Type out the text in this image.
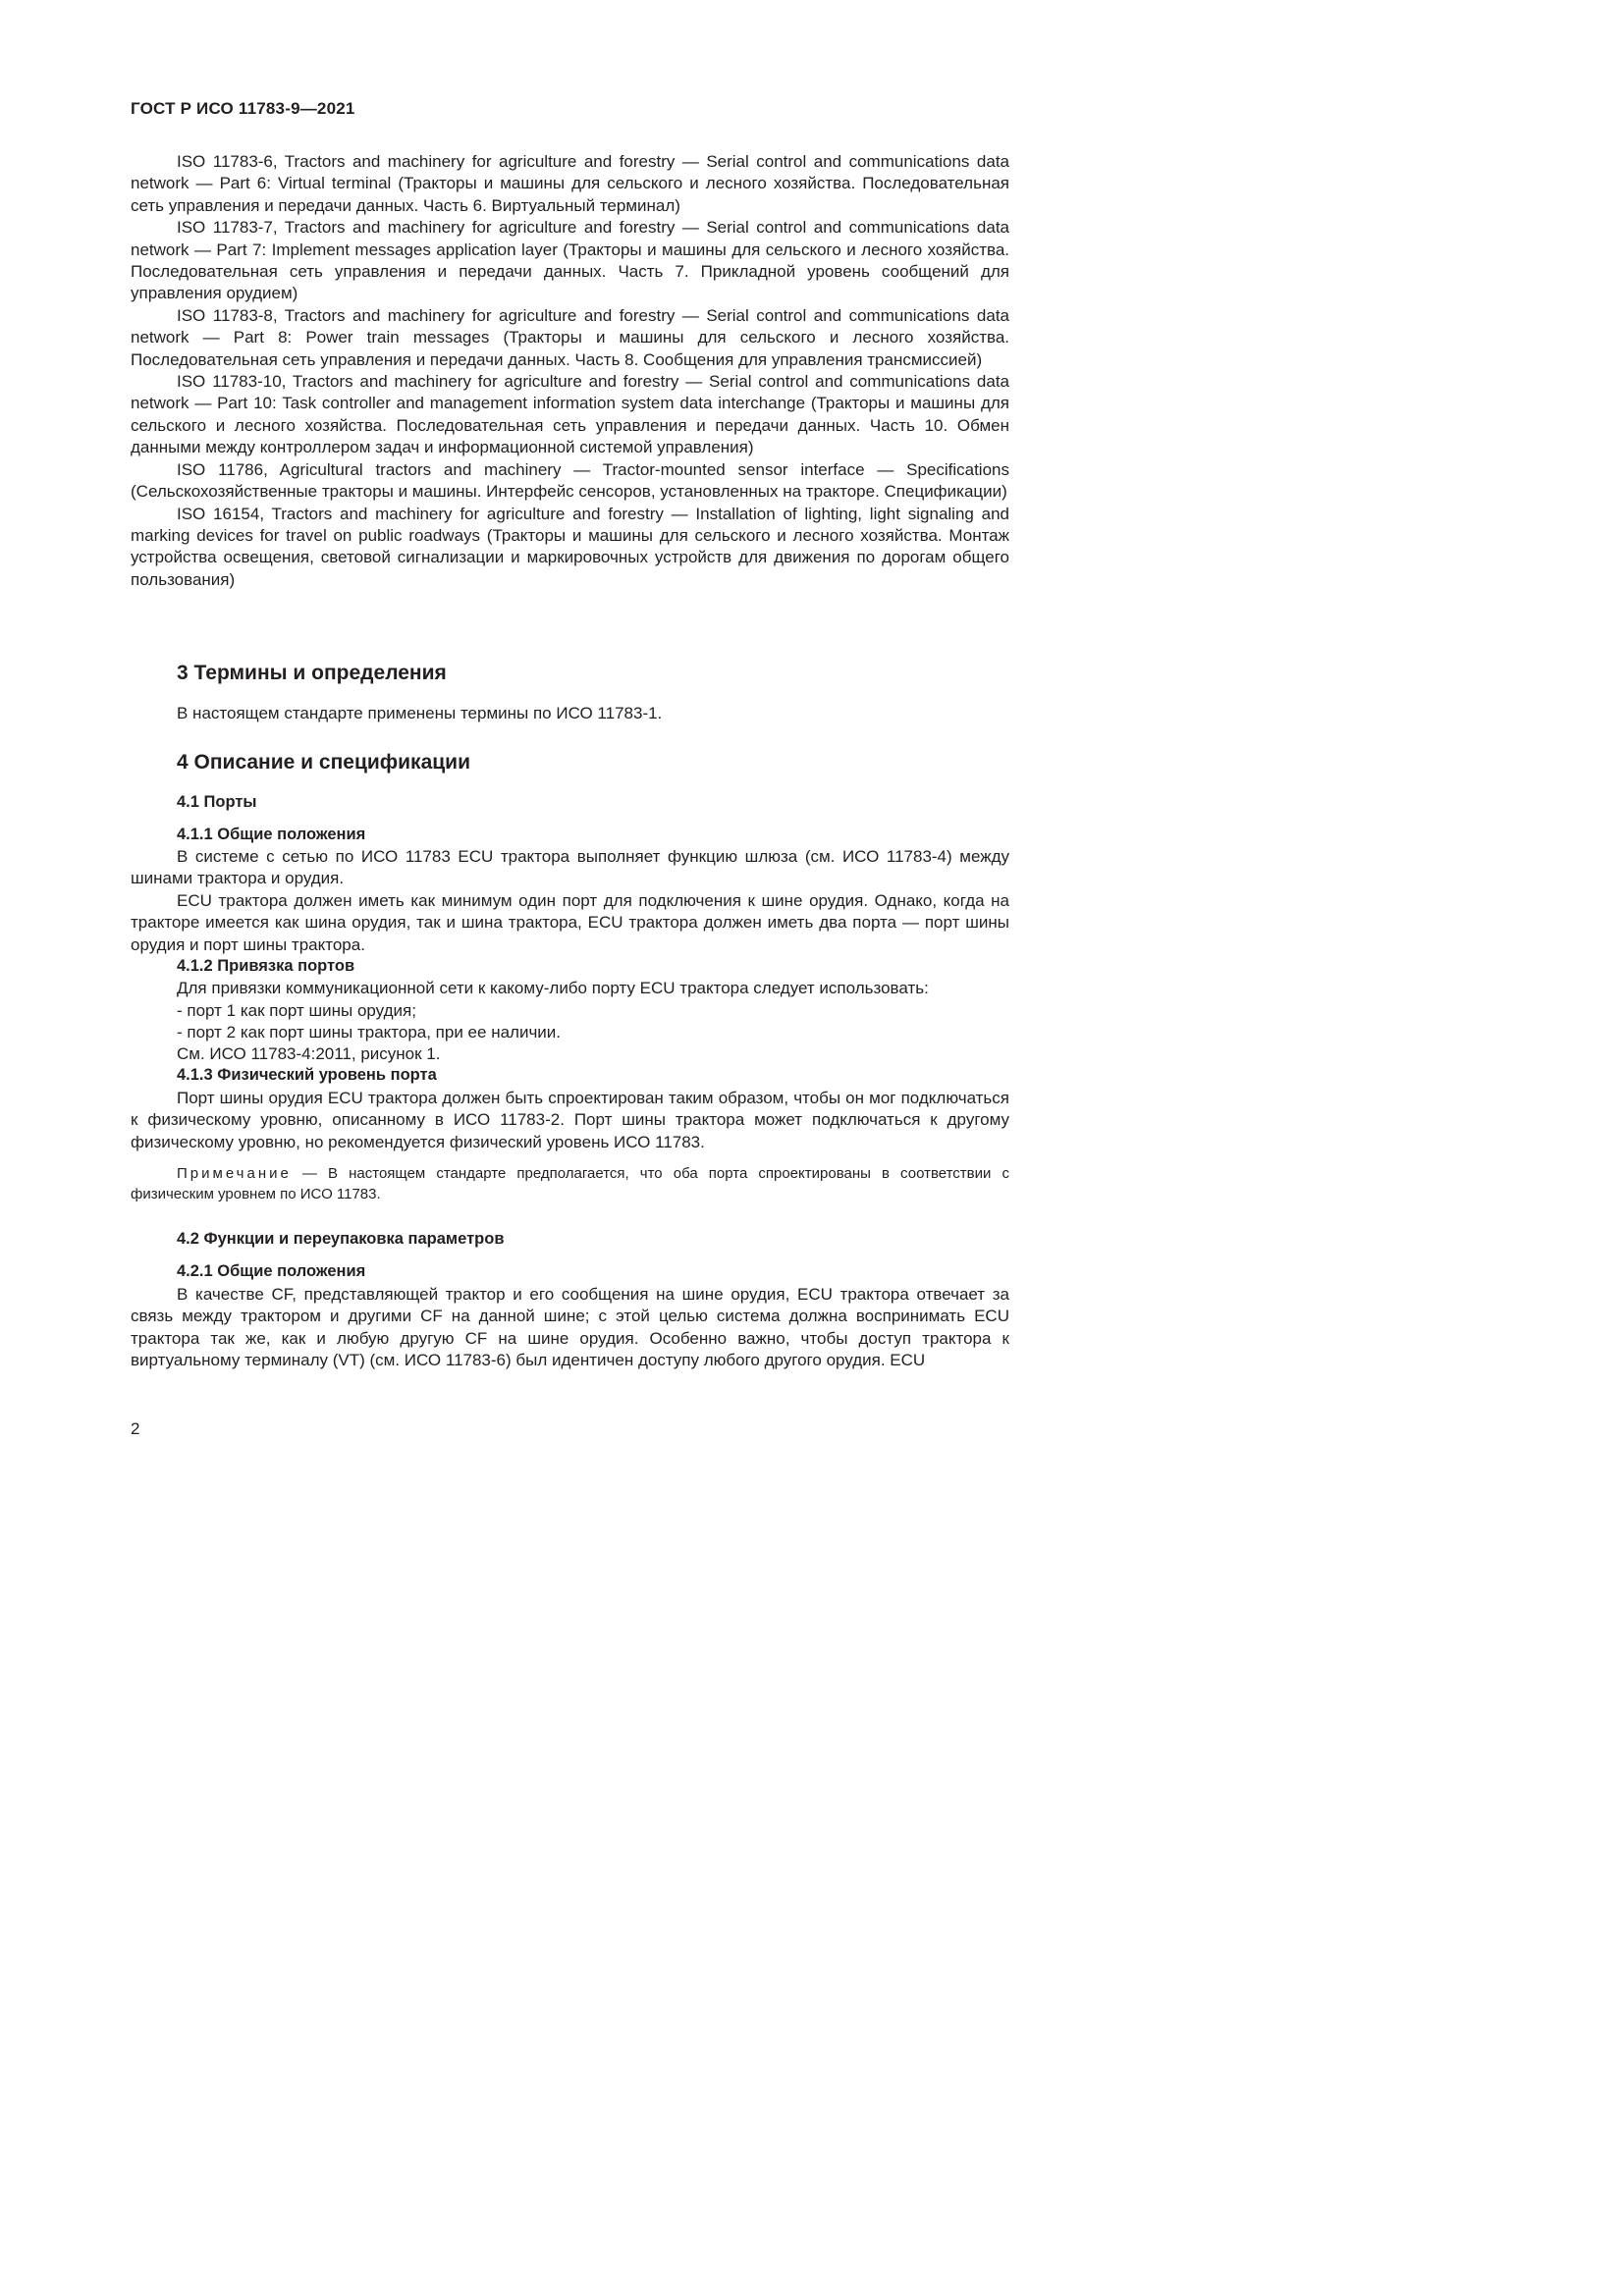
ГОСТ Р ИСО 11783-9—2021

ISO 11783-6, Tractors and machinery for agriculture and forestry — Serial control and communications data network — Part 6: Virtual terminal (Тракторы и машины для сельского и лесного хозяйства. Последовательная сеть управления и передачи данных. Часть 6. Виртуальный терминал)

ISO 11783-7, Tractors and machinery for agriculture and forestry — Serial control and communications data network — Part 7: Implement messages application layer (Тракторы и машины для сельского и лесного хозяйства. Последовательная сеть управления и передачи данных. Часть 7. Прикладной уровень сообщений для управления орудием)

ISO 11783-8, Tractors and machinery for agriculture and forestry — Serial control and communications data network — Part 8: Power train messages (Тракторы и машины для сельского и лесного хозяйства. Последовательная сеть управления и передачи данных. Часть 8. Сообщения для управления трансмиссией)

ISO 11783-10, Tractors and machinery for agriculture and forestry — Serial control and communications data network — Part 10: Task controller and management information system data interchange (Тракторы и машины для сельского и лесного хозяйства. Последовательная сеть управления и передачи данных. Часть 10. Обмен данными между контроллером задач и информационной системой управления)

ISO 11786, Agricultural tractors and machinery — Tractor-mounted sensor interface — Specifications (Сельскохозяйственные тракторы и машины. Интерфейс сенсоров, установленных на тракторе. Спецификации)

ISO 16154, Tractors and machinery for agriculture and forestry — Installation of lighting, light signaling and marking devices for travel on public roadways (Тракторы и машины для сельского и лесного хозяйства. Монтаж устройства освещения, световой сигнализации и маркировочных устройств для движения по дорогам общего пользования)

3 Термины и определения

В настоящем стандарте применены термины по ИСО 11783-1.

4 Описание и спецификации
4.1 Порты
4.1.1 Общие положения

В системе с сетью по ИСО 11783 ECU трактора выполняет функцию шлюза (см. ИСО 11783-4) между шинами трактора и орудия.

ECU трактора должен иметь как минимум один порт для подключения к шине орудия. Однако, когда на тракторе имеется как шина орудия, так и шина трактора, ECU трактора должен иметь два порта — порт шины орудия и порт шины трактора.

4.1.2 Привязка портов

Для привязки коммуникационной сети к какому-либо порту ECU трактора следует использовать:

- порт 1 как порт шины орудия;

- порт 2 как порт шины трактора, при ее наличии.

См. ИСО 11783-4:2011, рисунок 1.

4.1.3 Физический уровень порта

Порт шины орудия ECU трактора должен быть спроектирован таким образом, чтобы он мог подключаться к физическому уровню, описанному в ИСО 11783-2. Порт шины трактора может подключаться к другому физическому уровню, но рекомендуется физический уровень ИСО 11783.

Примечание — В настоящем стандарте предполагается, что оба порта спроектированы в соответствии с физическим уровнем по ИСО 11783.

4.2 Функции и переупаковка параметров
4.2.1 Общие положения

В качестве CF, представляющей трактор и его сообщения на шине орудия, ECU трактора отвечает за связь между трактором и другими CF на данной шине; с этой целью система должна воспринимать ECU трактора так же, как и любую другую CF на шине орудия. Особенно важно, чтобы доступ трактора к виртуальному терминалу (VT) (см. ИСО 11783-6) был идентичен доступу любого другого орудия. ECU

2
